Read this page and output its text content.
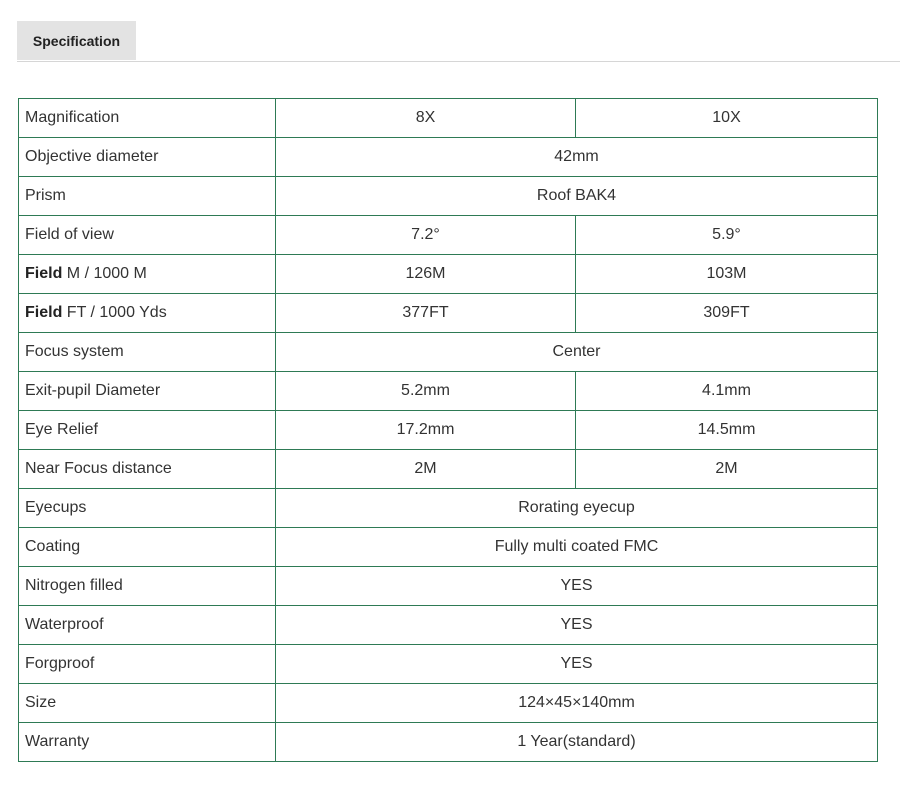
Specification
Magnification	8X	10X
Objective diameter	42mm	
Prism	Roof BAK4	
Field of view	7.2°	5.9°
Field M / 1000 M	126M	103M
Field FT / 1000 Yds	377FT	309FT
Focus system	Center	
Exit-pupil Diameter	5.2mm	4.1mm
Eye Relief	17.2mm	14.5mm
Near Focus distance	2M	2M
Eyecups	Rorating eyecup	
Coating	Fully multi coated FMC	
Nitrogen filled	YES	
Waterproof	YES	
Forgproof	YES	
Size	124×45×140mm	
Warranty	1 Year(standard)	
